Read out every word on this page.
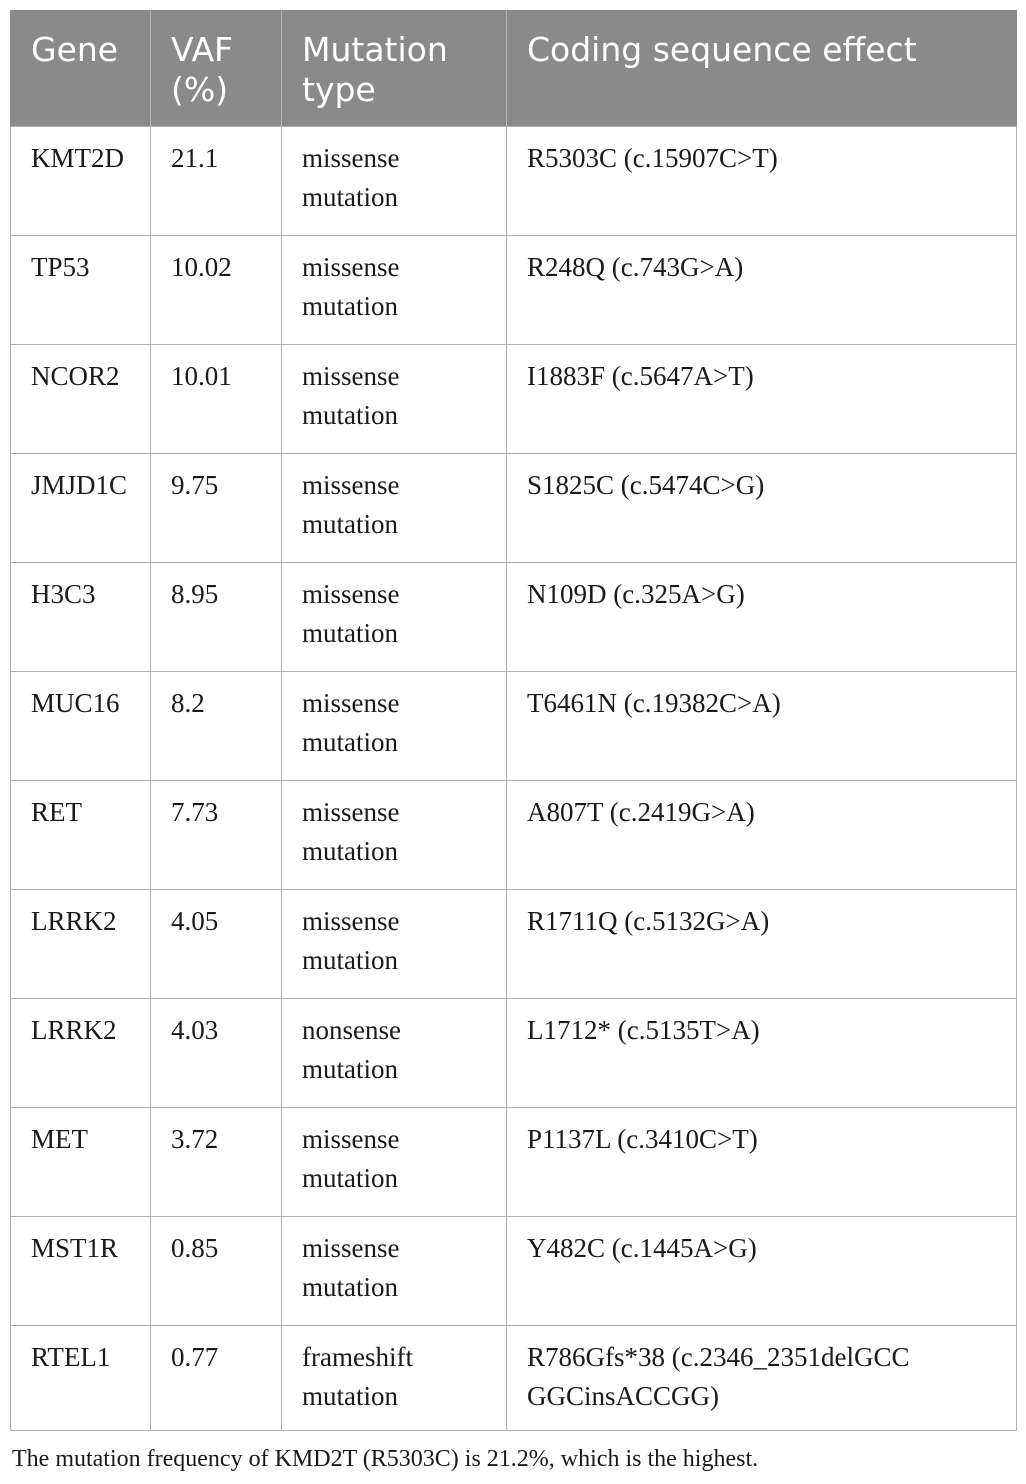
Gene	VAF (%)	Mutation type	Coding sequence effect
KMT2D	21.1	missense mutation	R5303C (c.15907C>T)
TP53	10.02	missense mutation	R248Q (c.743G>A)
NCOR2	10.01	missense mutation	I1883F (c.5647A>T)
JMJD1C	9.75	missense mutation	S1825C (c.5474C>G)
H3C3	8.95	missense mutation	N109D (c.325A>G)
MUC16	8.2	missense mutation	T6461N (c.19382C>A)
RET	7.73	missense mutation	A807T (c.2419G>A)
LRRK2	4.05	missense mutation	R1711Q (c.5132G>A)
LRRK2	4.03	nonsense mutation	L1712* (c.5135T>A)
MET	3.72	missense mutation	P1137L (c.3410C>T)
MST1R	0.85	missense mutation	Y482C (c.1445A>G)
RTEL1	0.77	frameshift mutation	R786Gfs*38 (c.2346_2351delGCC GGCinsACCGG)
The mutation frequency of KMD2T (R5303C) is 21.2%, which is the highest.
